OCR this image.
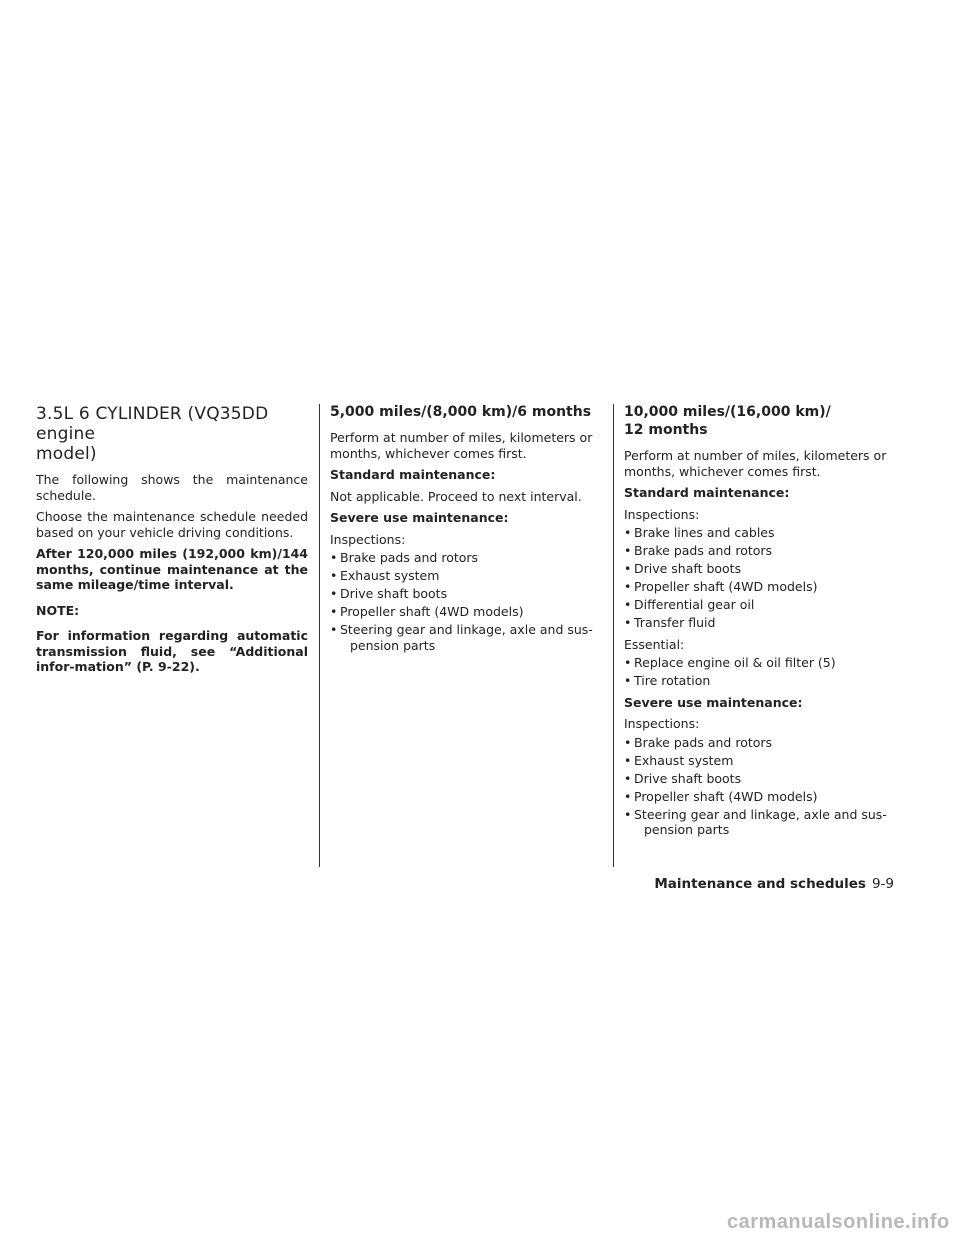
3.5L 6 CYLINDER (VQ35DD engine
model)

The following shows the maintenance schedule.

Choose the maintenance schedule needed based on your vehicle driving conditions.

After 120,000 miles (192,000 km)/144 months, continue maintenance at the same mileage/time interval.

NOTE:

For information regarding automatic transmission fluid, see “Additional infor-mation” (P. 9-22).

5,000 miles/(8,000 km)/6 months

Perform at number of miles, kilometers or months, whichever comes first.

Standard maintenance:

Not applicable. Proceed to next interval.

Severe use maintenance:

Inspections:

• Brake pads and rotors
• Exhaust system
• Drive shaft boots
• Propeller shaft (4WD models)
• Steering gear and linkage, axle and sus-

pension parts
10,000 miles/(16,000 km)/
12 months

Perform at number of miles, kilometers or months, whichever comes first.

Standard maintenance:

Inspections:

• Brake lines and cables
• Brake pads and rotors
• Drive shaft boots
• Propeller shaft (4WD models)
• Differential gear oil
• Transfer fluid

Essential:

• Replace engine oil & oil filter (5)
• Tire rotation

Severe use maintenance:

Inspections:

• Brake pads and rotors
• Exhaust system
• Drive shaft boots
• Propeller shaft (4WD models)
• Steering gear and linkage, axle and sus-

pension parts
Maintenance and schedules 9-9
carmanualsonline.info
